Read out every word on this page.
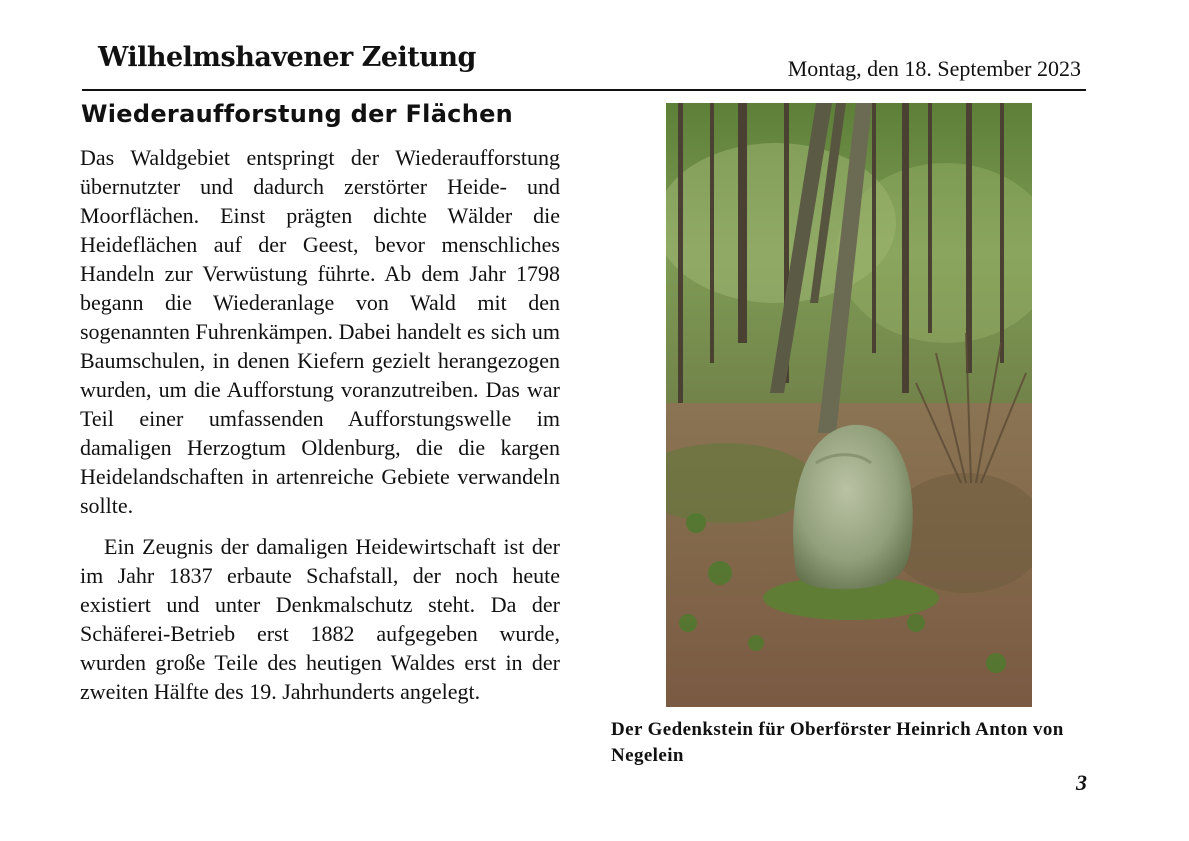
Wilhelmshavener Zeitung	Montag, den 18. September 2023
Wiederaufforstung der Flächen

Das Waldgebiet entspringt der Wiederaufforstung übernutzter und dadurch zerstörter Heide- und Moorflächen. Einst prägten dichte Wälder die Heideflächen auf der Geest, bevor menschliches Handeln zur Verwüstung führte. Ab dem Jahr 1798 begann die Wiederanlage von Wald mit den sogenannten Fuhrenkämpen. Dabei handelt es sich um Baumschulen, in denen Kiefern gezielt herangezogen wurden, um die Aufforstung voranzutreiben. Das war Teil einer umfassenden Aufforstungswelle im damaligen Herzogtum Oldenburg, die die kargen Heidelandschaften in artenreiche Gebiete verwandeln sollte.

Ein Zeugnis der damaligen Heidewirtschaft ist der im Jahr 1837 erbaute Schafstall, der noch heute existiert und unter Denkmalschutz steht. Da der Schäferei-Betrieb erst 1882 aufgegeben wurde, wurden große Teile des heutigen Waldes erst in der zweiten Hälfte des 19. Jahrhunderts angelegt.

Der Gedenkstein für Oberförster Heinrich Anton von Negelein
3
